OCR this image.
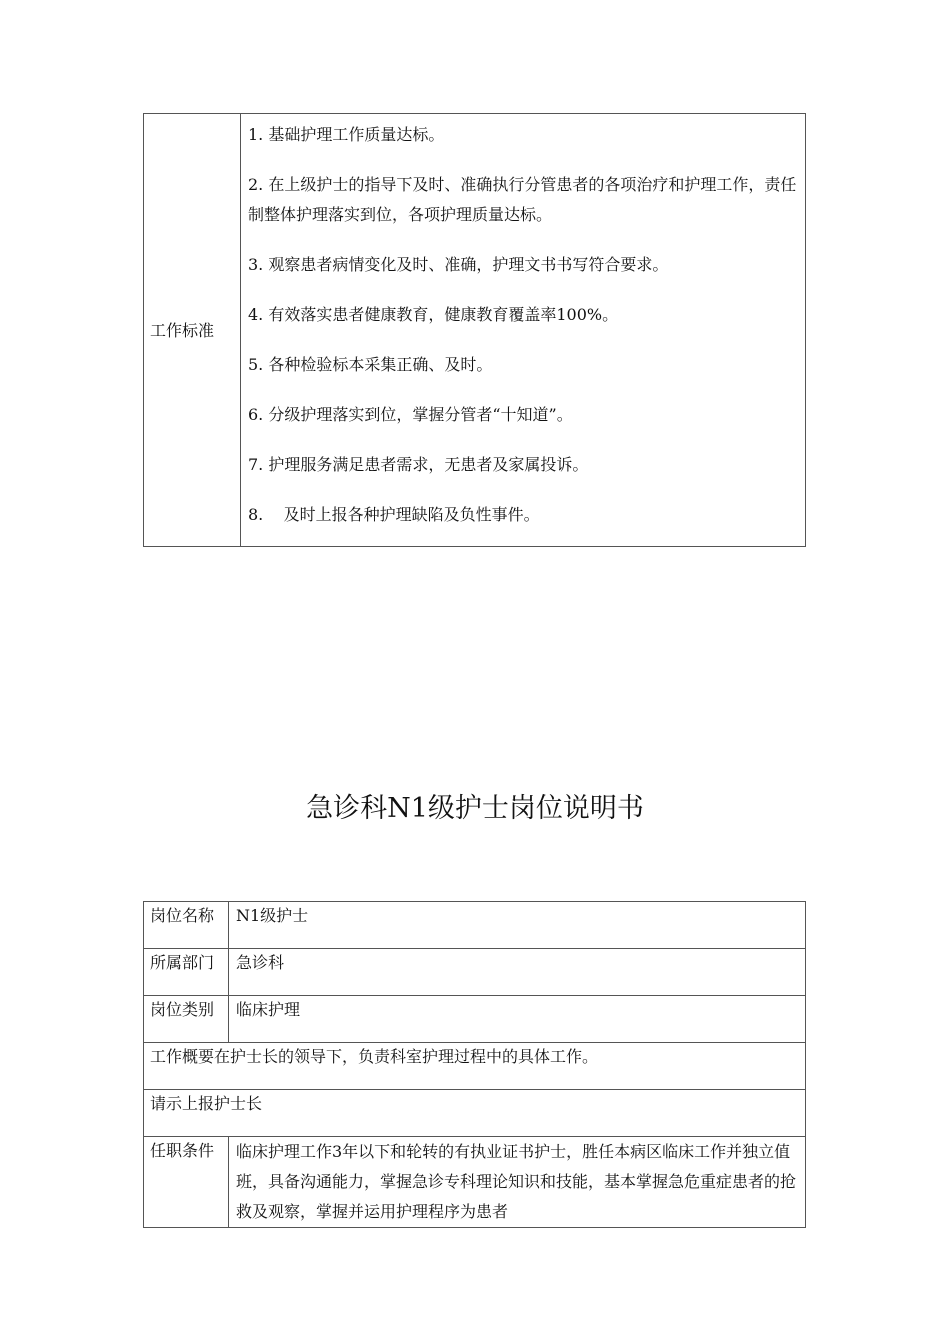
工作标准	
1. 基础护理工作质量达标。
2. 在上级护士的指导下及时、准确执行分管患者的各项治疗和护理工作，责任制整体护理落实到位，各项护理质量达标。
3. 观察患者病情变化及时、准确，护理文书书写符合要求。
4. 有效落实患者健康教育，健康教育覆盖率100%。
5. 各种检验标本采集正确、及时。
6. 分级护理落实到位，掌握分管者“十知道”。
7. 护理服务满足患者需求，无患者及家属投诉。
8.    及时上报各种护理缺陷及负性事件。
急诊科N1级护士岗位说明书
岗位名称	N1级护士
所属部门	急诊科
岗位类别	临床护理
工作概要在护士长的领导下，负责科室护理过程中的具体工作。	
请示上报护士长	
任职条件	临床护理工作3年以下和轮转的有执业证书护士，胜任本病区临床工作并独立值班，具备沟通能力，掌握急诊专科理论知识和技能，基本掌握急危重症患者的抢救及观察，掌握并运用护理程序为患者
